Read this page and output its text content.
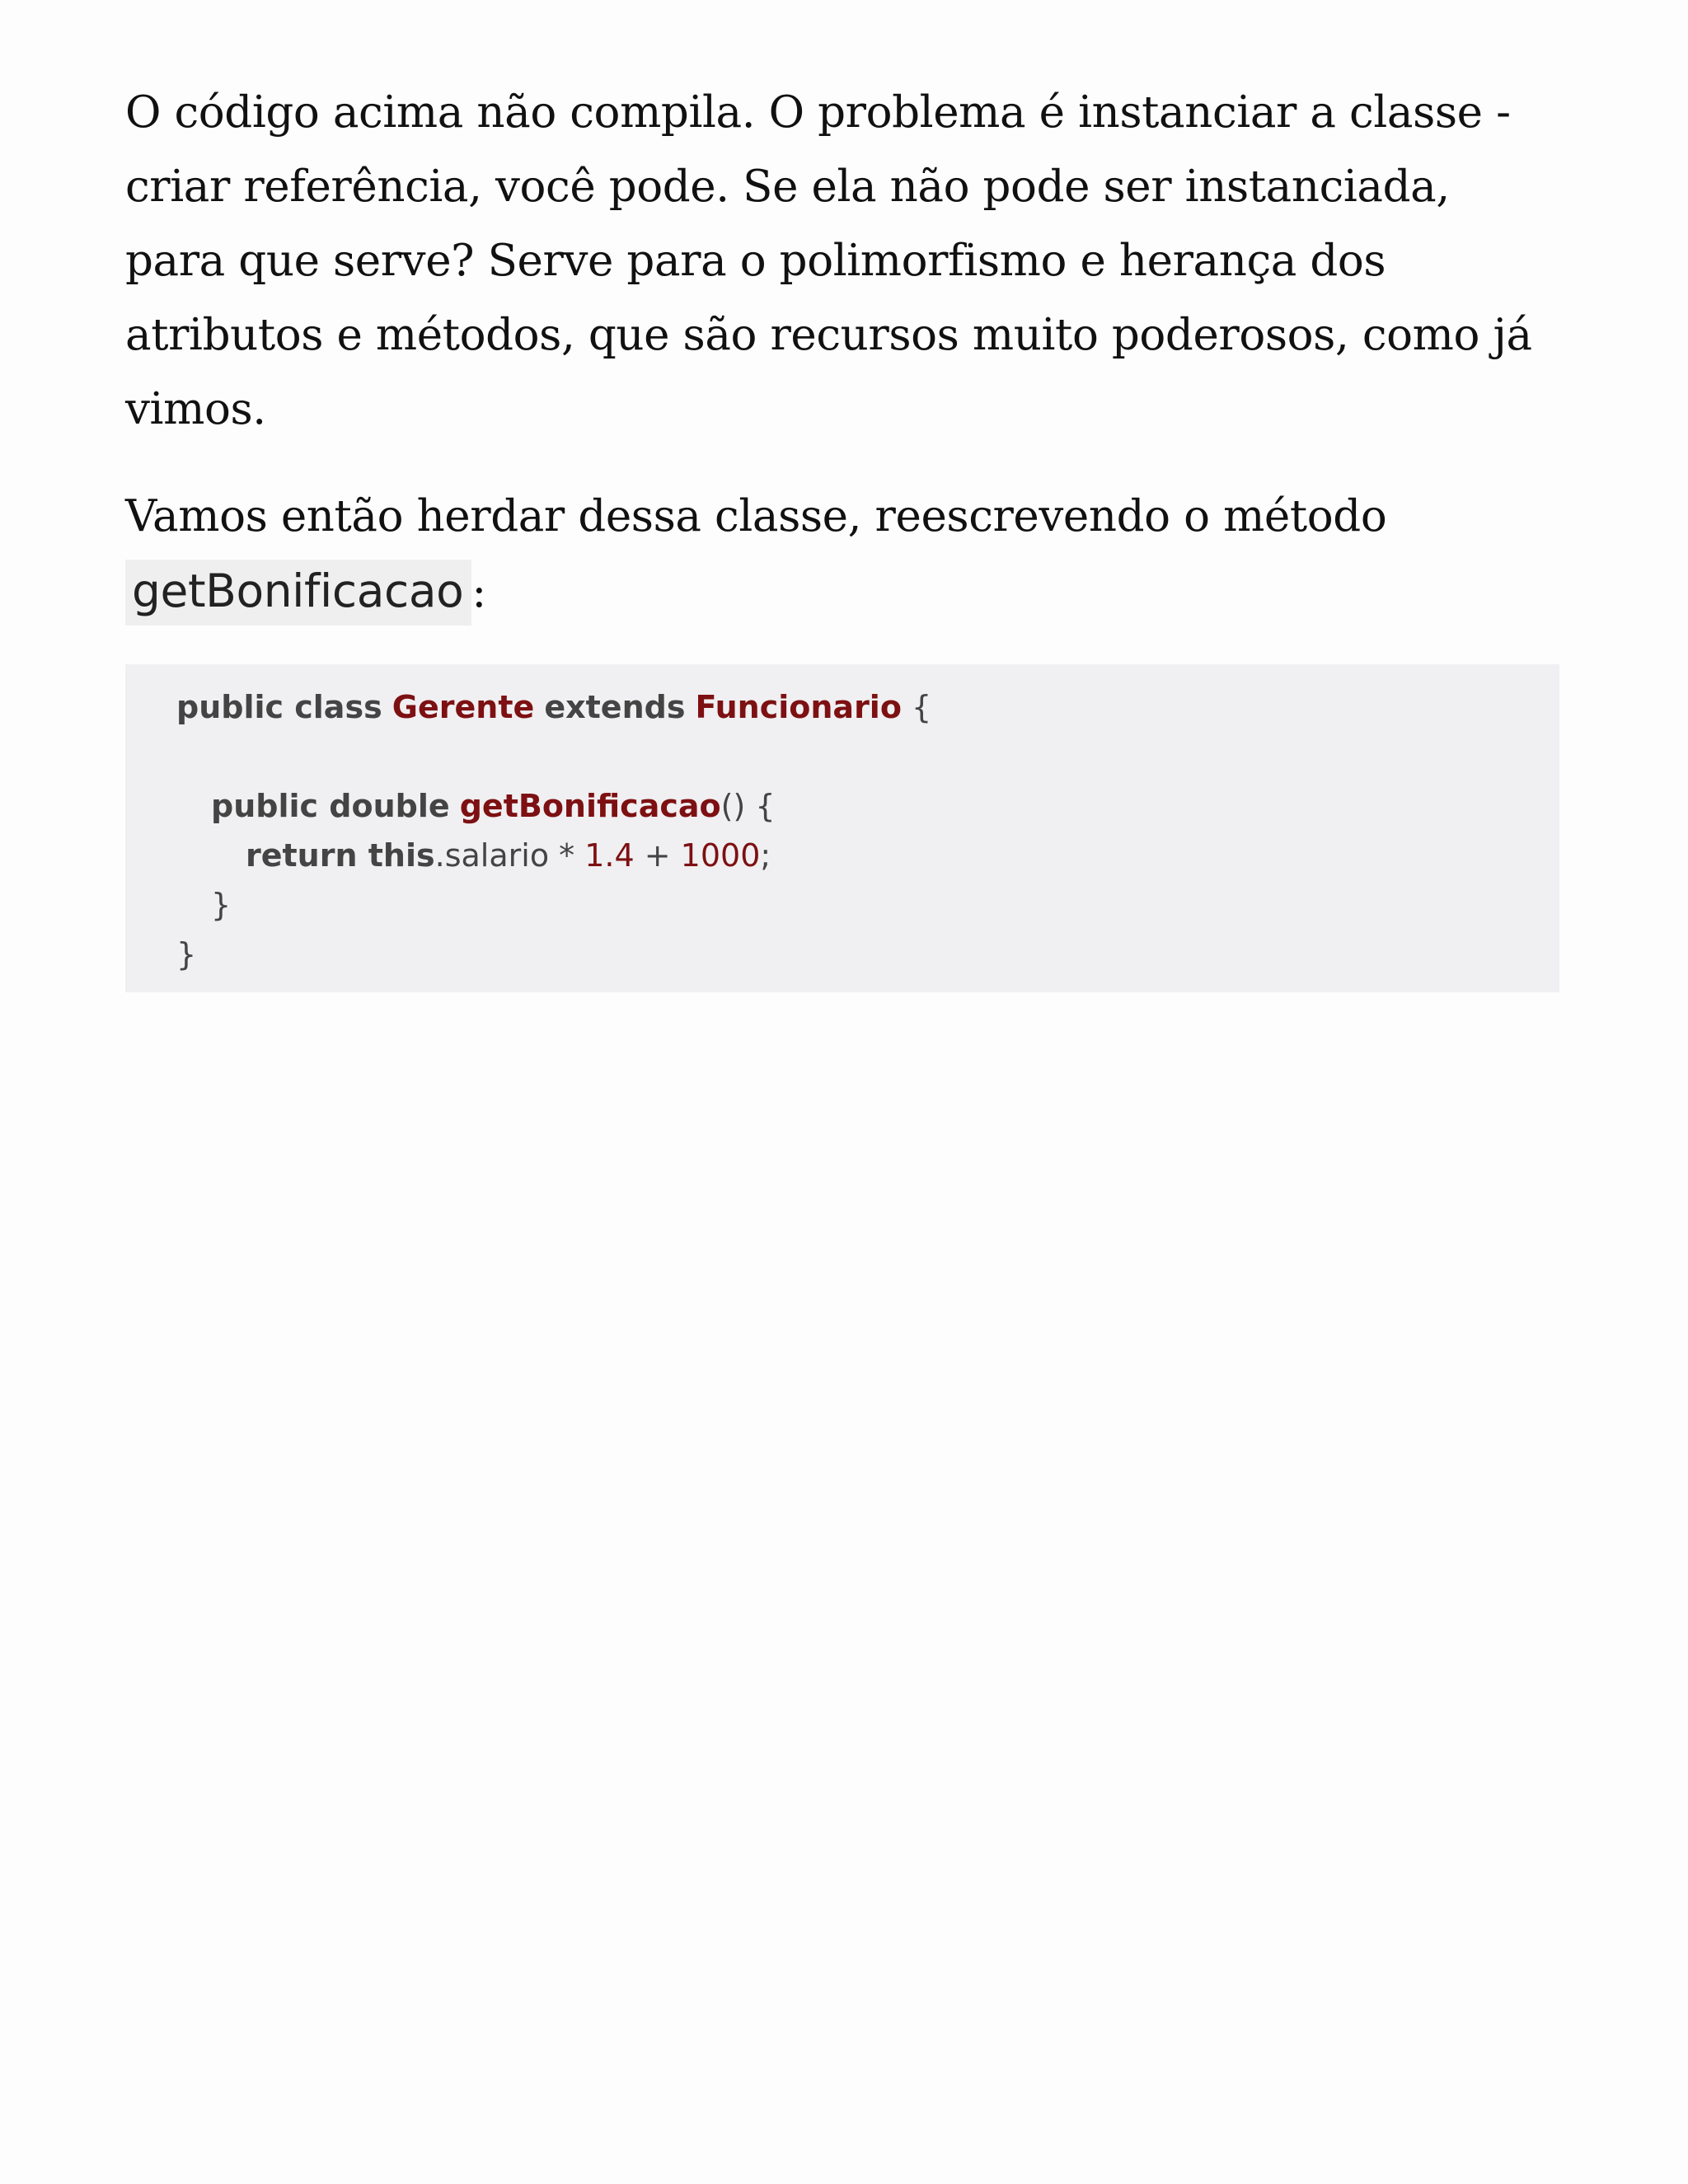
O código acima não compila. O problema é instanciar a classe - criar referência, você pode. Se ela não pode ser instanciada, para que serve? Serve para o polimorfismo e herança dos atributos e métodos, que são recursos muito poderosos, como já vimos.

Vamos então herdar dessa classe, reescrevendo o método
getBonificacao :

public class Gerente extends Funcionario {
public double getBonificacao() {
return this.salario * 1.4 + 1000;
}
}
